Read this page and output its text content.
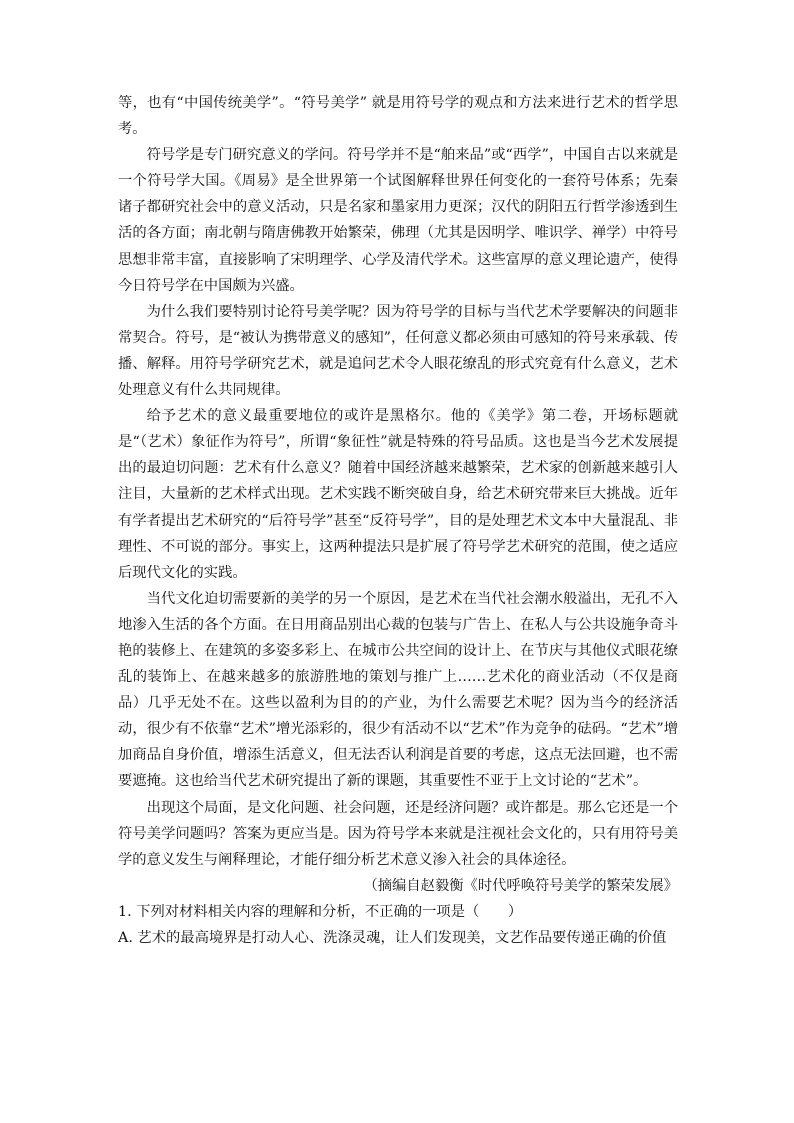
等，也有“中国传统美学”。“符号美学” 就是用符号学的观点和方法来进行艺术的哲学思考。

符号学是专门研究意义的学问。符号学并不是“舶来品”或“西学”，中国自古以来就是一个符号学大国。《周易》是全世界第一个试图解释世界任何变化的一套符号体系；先秦诸子都研究社会中的意义活动，只是名家和墨家用力更深；汉代的阴阳五行哲学渗透到生活的各方面；南北朝与隋唐佛教开始繁荣，佛理（尤其是因明学、唯识学、禅学）中符号思想非常丰富，直接影响了宋明理学、心学及清代学术。这些富厚的意义理论遗产，使得今日符号学在中国颇为兴盛。

为什么我们要特别讨论符号美学呢？因为符号学的目标与当代艺术学要解决的问题非常契合。符号，是“被认为携带意义的感知”，任何意义都必须由可感知的符号来承载、传播、解释。用符号学研究艺术，就是追问艺术令人眼花缭乱的形式究竟有什么意义，艺术处理意义有什么共同规律。

给予艺术的意义最重要地位的或许是黑格尔。他的《美学》第二卷，开场标题就是“（艺术）象征作为符号”，所谓“象征性”就是特殊的符号品质。这也是当今艺术发展提出的最迫切问题：艺术有什么意义？随着中国经济越来越繁荣，艺术家的创新越来越引人注目，大量新的艺术样式出现。艺术实践不断突破自身，给艺术研究带来巨大挑战。近年有学者提出艺术研究的“后符号学”甚至“反符号学”，目的是处理艺术文本中大量混乱、非理性、不可说的部分。事实上，这两种提法只是扩展了符号学艺术研究的范围，使之适应后现代文化的实践。

当代文化迫切需要新的美学的另一个原因，是艺术在当代社会潮水般溢出，无孔不入地渗入生活的各个方面。在日用商品别出心裁的包装与广告上、在私人与公共设施争奇斗艳的装修上、在建筑的多姿多彩上、在城市公共空间的设计上、在节庆与其他仪式眼花缭乱的装饰上、在越来越多的旅游胜地的策划与推广上……艺术化的商业活动（不仅是商品）几乎无处不在。这些以盈利为目的的产业，为什么需要艺术呢？因为当今的经济活动，很少有不依靠“艺术”增光添彩的，很少有活动不以“艺术”作为竞争的砝码。“艺术”增加商品自身价值，增添生活意义，但无法否认利润是首要的考虑，这点无法回避，也不需要遮掩。这也给当代艺术研究提出了新的课题，其重要性不亚于上文讨论的“艺术”。

出现这个局面，是文化问题、社会问题，还是经济问题？或许都是。那么它还是一个符号美学问题吗？答案为更应当是。因为符号学本来就是注视社会文化的，只有用符号美学的意义发生与阐释理论，才能仔细分析艺术意义渗入社会的具体途径。

（摘编自赵毅衡《时代呼唤符号美学的繁荣发展》

1. 下列对材料相关内容的理解和分析，不正确的一项是（　　）

A. 艺术的最高境界是打动人心、洗涤灵魂，让人们发现美，文艺作品要传递正确的价值
